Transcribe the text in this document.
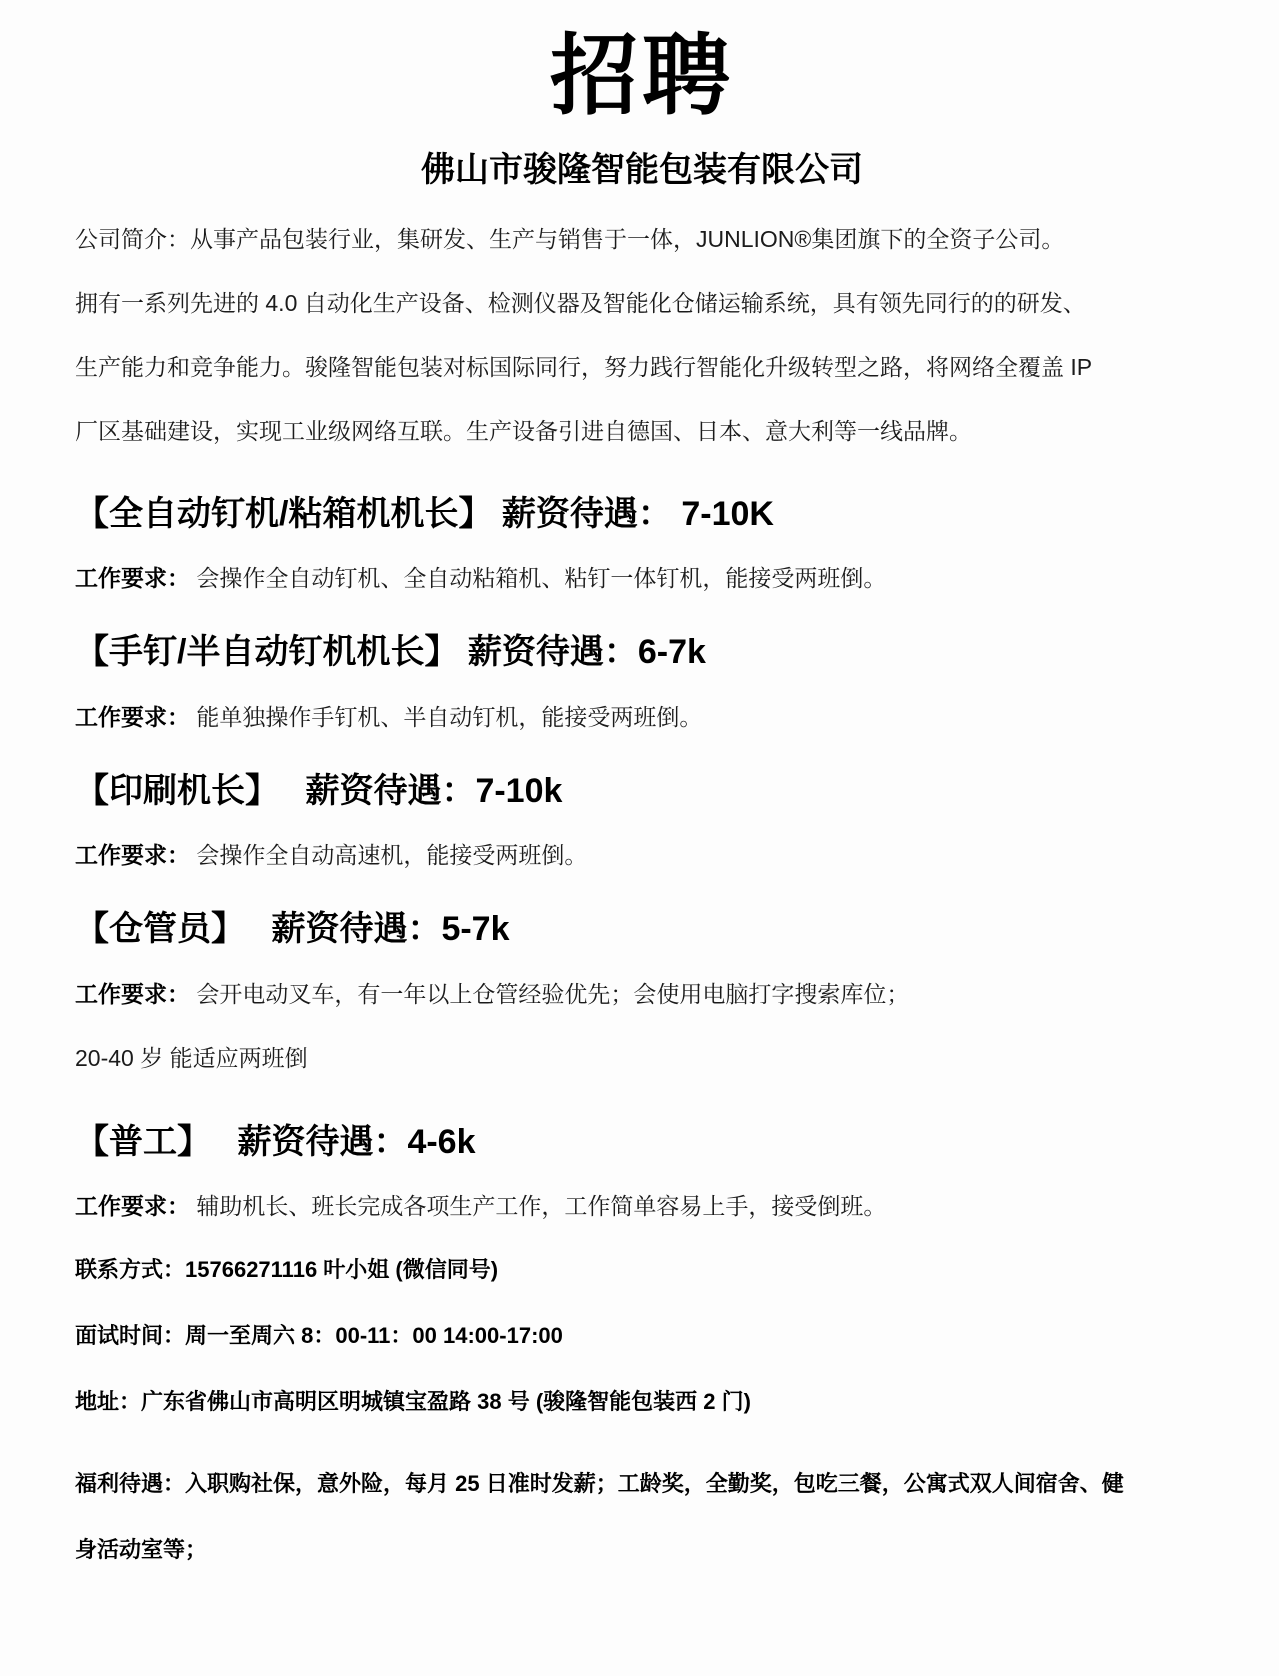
招聘
佛山市骏隆智能包装有限公司
公司简介：从事产品包装行业，集研发、生产与销售于一体，JUNLION®集团旗下的全资子公司。
拥有一系列先进的 4.0 自动化生产设备、检测仪器及智能化仓储运输系统，具有领先同行的的研发、
生产能力和竞争能力。骏隆智能包装对标国际同行，努力践行智能化升级转型之路，将网络全覆盖 IP
厂区基础建设，实现工业级网络互联。生产设备引进自德国、日本、意大利等一线品牌。
【全自动钉机/粘箱机机长】 薪资待遇： 7-10K

工作要求： 会操作全自动钉机、全自动粘箱机、粘钉一体钉机，能接受两班倒。

【手钉/半自动钉机机长】 薪资待遇：6-7k

工作要求： 能单独操作手钉机、半自动钉机，能接受两班倒。

【印刷机长】　 薪资待遇：7-10k

工作要求： 会操作全自动高速机，能接受两班倒。

【仓管员】　 薪资待遇：5-7k

工作要求： 会开电动叉车，有一年以上仓管经验优先；会使用电脑打字搜索库位；

20-40 岁 能适应两班倒

【普工】　 薪资待遇：4-6k

工作要求： 辅助机长、班长完成各项生产工作，工作简单容易上手，接受倒班。

联系方式：15766271116 叶小姐 (微信同号)

面试时间：周一至周六 8：00-11：00 14:00-17:00

地址：广东省佛山市高明区明城镇宝盈路 38 号 (骏隆智能包装西 2 门)

福利待遇：入职购社保，意外险，每月 25 日准时发薪；工龄奖，全勤奖，包吃三餐，公寓式双人间宿舍、健
身活动室等；
